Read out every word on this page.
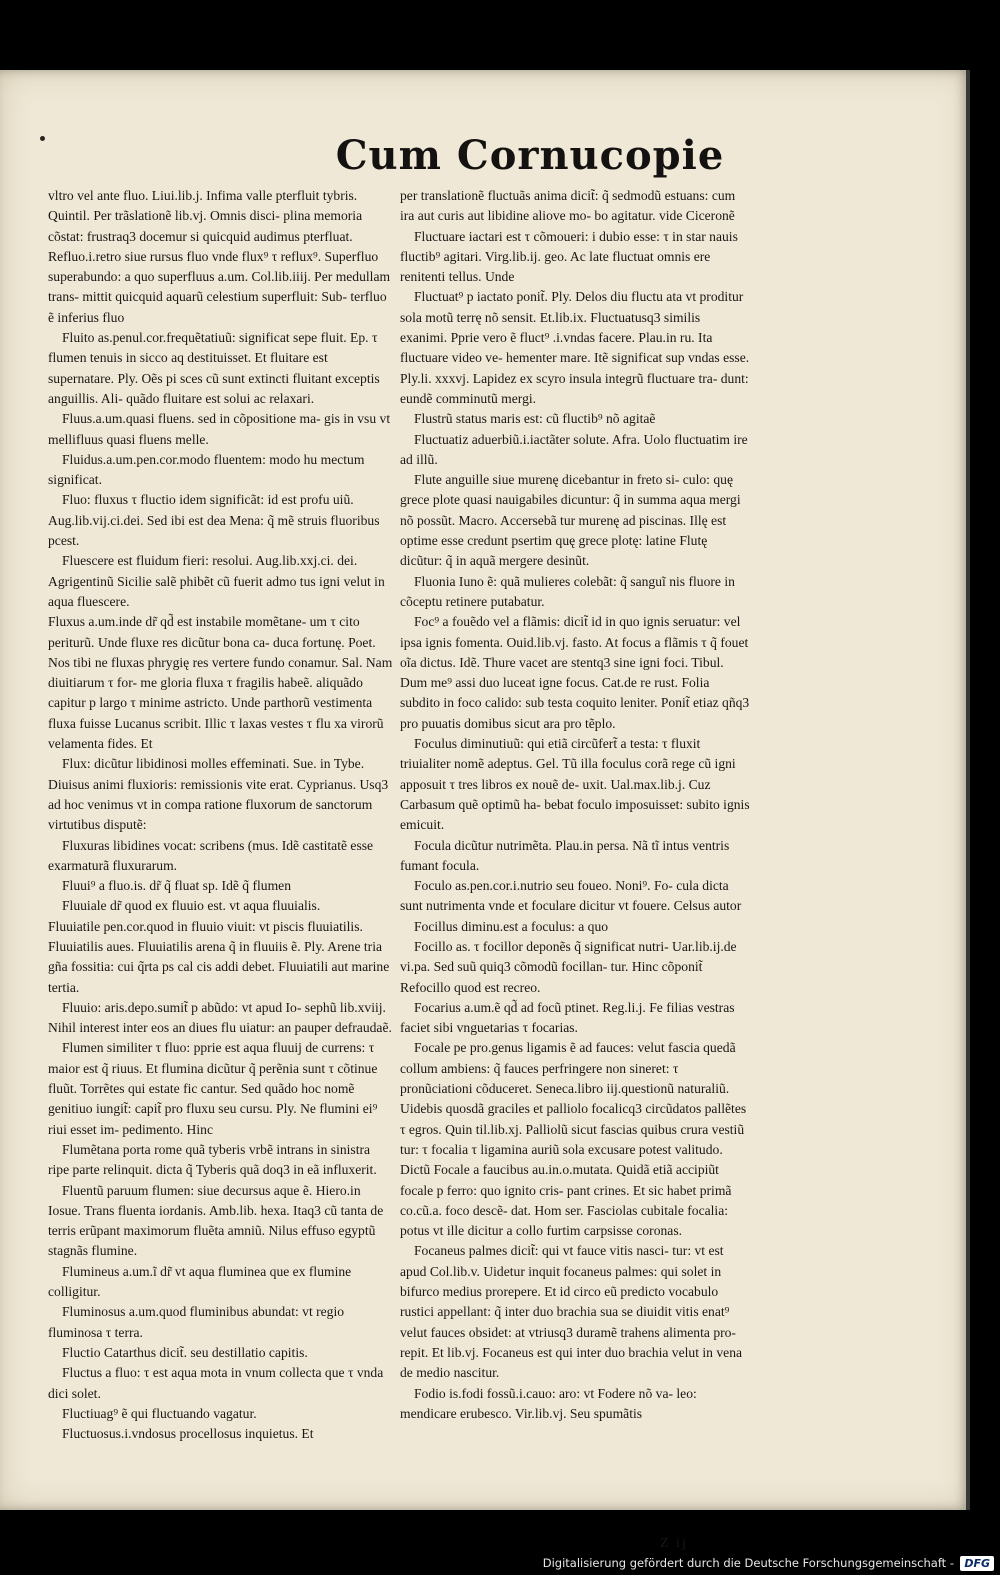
Cum Cornucopie

vltro vel ante fluo. Liui.lib.j. Infima valle pterfluit tybris. Quintil. Per trãslationẽ lib.vj. Omnis disci- plina memoria cõstat: frustraq3 docemur si quicquid audimus pterfluat. Refluo.i.retro siue rursus fluo vnde flux⁹ τ reflux⁹. Superfluo superabundo: a quo superfluus a.um. Col.lib.iiij. Per medullam trans- mittit quicquid aquarũ celestium superfluit: Sub- terfluo ẽ inferius fluo

Fluito as.penul.cor.frequẽtatiuũ: significat sepe fluit. Ep. τ flumen tenuis in sicco aq destituisset. Et fluitare est supernatare. Ply. Oẽs pi sces cũ sunt extincti fluitant exceptis anguillis. Ali- quãdo fluitare est solui ac relaxari.

Fluus.a.um.quasi fluens. sed in cõpositione ma- gis in vsu vt mellifluus quasi fluens melle.

Fluidus.a.um.pen.cor.modo fluentem: modo hu mectum significat.

Fluo: fluxus τ fluctio idem significãt: id est profu uiũ. Aug.lib.vij.ci.dei. Sed ibi est dea Mena: q̃ mẽ struis fluoribus pcest.

Fluescere est fluidum fieri: resolui. Aug.lib.xxj.ci. dei. Agrigentinũ Sicilie salẽ phibẽt cũ fuerit admo tus igni velut in aqua fluescere.

Fluxus a.um.inde dr̃ qd̃ est instabile momẽtane- um τ cito periturũ. Unde fluxe res dicũtur bona ca- duca fortunę. Poet. Nos tibi ne fluxas phrygię res vertere fundo conamur. Sal. Nam diuitiarum τ for- me gloria fluxa τ fragilis habeẽ. aliquãdo capitur p largo τ minime astricto. Unde parthorũ vestimenta fluxa fuisse Lucanus scribit. Illic τ laxas vestes τ flu xa virorũ velamenta fides. Et

Flux: dicũtur libidinosi molles effeminati. Sue. in Tybe. Diuisus animi fluxioris: remissionis vite erat. Cyprianus. Usq3 ad hoc venimus vt in compa ratione fluxorum de sanctorum virtutibus disputẽ:

Fluxuras libidines vocat: scribens (mus. Idẽ castitatẽ esse exarmaturã fluxurarum.

Fluui⁹ a fluo.is. dr̃ q̃ fluat sp. Idẽ q̃ flumen

Fluuiale dr̃ quod ex fluuio est. vt aqua fluuialis.

Fluuiatile pen.cor.quod in fluuio viuit: vt piscis fluuiatilis. Fluuiatilis aues. Fluuiatilis arena q̃ in fluuiis ẽ. Ply. Arene tria gña fossitia: cui q̃rta ps cal cis addi debet. Fluuiatili aut marine tertia.

Fluuio: aris.depo.sumit̃ p abũdo: vt apud Io- sephũ lib.xviij. Nihil interest inter eos an diues flu uiatur: an pauper defraudaẽ.

Flumen similiter τ fluo: pprie est aqua fluuij de currens: τ maior est q̃ riuus. Et flumina dicũtur q̃ perẽnia sunt τ cõtinue fluũt. Torrẽtes qui estate fic cantur. Sed quãdo hoc nomẽ genitiuo iungit̃: capit̃ pro fluxu seu cursu. Ply. Ne flumini ei⁹ riui esset im- pedimento. Hinc

Flumẽtana porta rome quã tyberis vrbẽ intrans in sinistra ripe parte relinquit. dicta q̃ Tyberis quã doq3 in eã influxerit.

Fluentũ paruum flumen: siue decursus aque ẽ. Hiero.in Iosue. Trans fluenta iordanis. Amb.lib. hexa. Itaq3 cũ tanta de terris erũpant maximorum fluẽta amniũ. Nilus effuso egyptũ stagnãs flumine.

Flumineus a.um.ĩ dr̃ vt aqua fluminea que ex flumine colligitur.

Fluminosus a.um.quod fluminibus abundat: vt regio fluminosa τ terra.

Fluctio Catarthus dicit̃. seu destillatio capitis.

Fluctus a fluo: τ est aqua mota in vnum collecta que τ vnda dici solet.

Fluctiuag⁹ ẽ qui fluctuando vagatur.

Fluctuosus.i.vndosus procellosus inquietus. Et

per translationẽ fluctuãs anima dicit̃: q̃ sedmodũ estuans: cum ira aut curis aut libidine aliove mo- bo agitatur. vide Ciceronẽ

Fluctuare iactari est τ cõmoueri: i dubio esse: τ in star nauis fluctib⁹ agitari. Virg.lib.ij. geo. Ac late fluctuat omnis ere renitenti tellus. Unde

Fluctuat⁹ p iactato ponit̃. Ply. Delos diu fluctu ata vt proditur sola motũ terrę nõ sensit. Et.lib.ix. Fluctuatusq3 similis exanimi. Pprie vero ẽ fluct⁹ .i.vndas facere. Plau.in ru. Ita fluctuare video ve- hementer mare. Itẽ significat sup vndas esse. Ply.li. xxxvj. Lapidez ex scyro insula integrũ fluctuare tra- dunt: eundẽ comminutũ mergi.

Flustrũ status maris est: cũ fluctib⁹ nõ agitaẽ

Fluctuatiz aduerbiũ.i.iactãter solute. Afra. Uolo fluctuatim ire ad illũ.

Flute anguille siue murenę dicebantur in freto si- culo: quę grece plote quasi nauigabiles dicuntur: q̃ in summa aqua mergi nõ possũt. Macro. Accersebã tur murenę ad piscinas. Illę est optime esse credunt psertim quę grece plotę: latine Flutę dicũtur: q̃ in aquã mergere desinũt.

Fluonia Iuno ẽ: quã mulieres colebãt: q̃ sanguĩ nis fluore in cõceptu retinere putabatur.

Foc⁹ a fouẽdo vel a flãmis: dicit̃ id in quo ignis seruatur: vel ipsa ignis fomenta. Ouid.lib.vj. fasto. At focus a flãmis τ q̃ fouet oĩa dictus. Idẽ. Thure vacet are stentq3 sine igni foci. Tibul. Dum me⁹ assi duo luceat igne focus. Cat.de re rust. Folia subdito in foco calido: sub testa coquito leniter. Ponit̃ etiaz qñq3 pro puuatis domibus sicut ara pro tẽplo.

Foculus diminutiuũ: qui etiã circũfert̃ a testa: τ fluxit triuialiter nomẽ adeptus. Gel. Tũ illa foculus corã rege cũ igni apposuit τ tres libros ex nouẽ de- uxit. Ual.max.lib.j. Cuz Carbasum quẽ optimũ ha- bebat foculo imposuisset: subito ignis emicuit.

Focula dicũtur nutrimẽta. Plau.in persa. Nã tĩ intus ventris fumant focula.

Foculo as.pen.cor.i.nutrio seu foueo. Noni⁹. Fo- cula dicta sunt nutrimenta vnde et foculare dicitur vt fouere. Celsus autor

Focillus diminu.est a foculus: a quo

Focillo as. τ focillor deponẽs q̃ significat nutri- Uar.lib.ij.de vi.pa. Sed suũ quiq3 cõmodũ focillan- tur. Hinc cõponit̃ Refocillo quod est recreo.

Focarius a.um.ẽ qd̃ ad focũ ptinet. Reg.li.j. Fe filias vestras faciet sibi vnguetarias τ focarias.

Focale pe pro.genus ligamis ẽ ad fauces: velut fascia quedã collum ambiens: q̃ fauces perfringere non sineret: τ pronũciationi cõduceret. Seneca.libro iij.questionũ naturaliũ. Uidebis quosdã graciles et palliolo focalicq3 circũdatos pallẽtes τ egros. Quin til.lib.xj. Palliolũ sicut fascias quibus crura vestiũ tur: τ focalia τ ligamina auriũ sola excusare potest valitudo. Dictũ Focale a faucibus au.in.o.mutata. Quidã etiã accipiũt focale p ferro: quo ignito cris- pant crines. Et sic habet primã co.cũ.a. foco descẽ- dat. Hom ser. Fasciolas cubitale focalia: potus vt ille dicitur a collo furtim carpsisse coronas.

Focaneus palmes dicit̃: qui vt fauce vitis nasci- tur: vt est apud Col.lib.v. Uidetur inquit focaneus palmes: qui solet in bifurco medius prorepere. Et id circo eũ predicto vocabulo rustici appellant: q̃ inter duo brachia sua se diuidit vitis enat⁹ velut fauces obsidet: at vtriusq3 duramẽ trahens alimenta pro- repit. Et lib.vj. Focaneus est qui inter duo brachia velut in vena de medio nascitur.

Fodio is.fodi fossũ.i.cauo: aro: vt Fodere nõ va- leo: mendicare erubesco. Vir.lib.vj. Seu spumãtis

Z ij
Digitalisierung gefördert durch die Deutsche Forschungsgemeinschaft - DFG
